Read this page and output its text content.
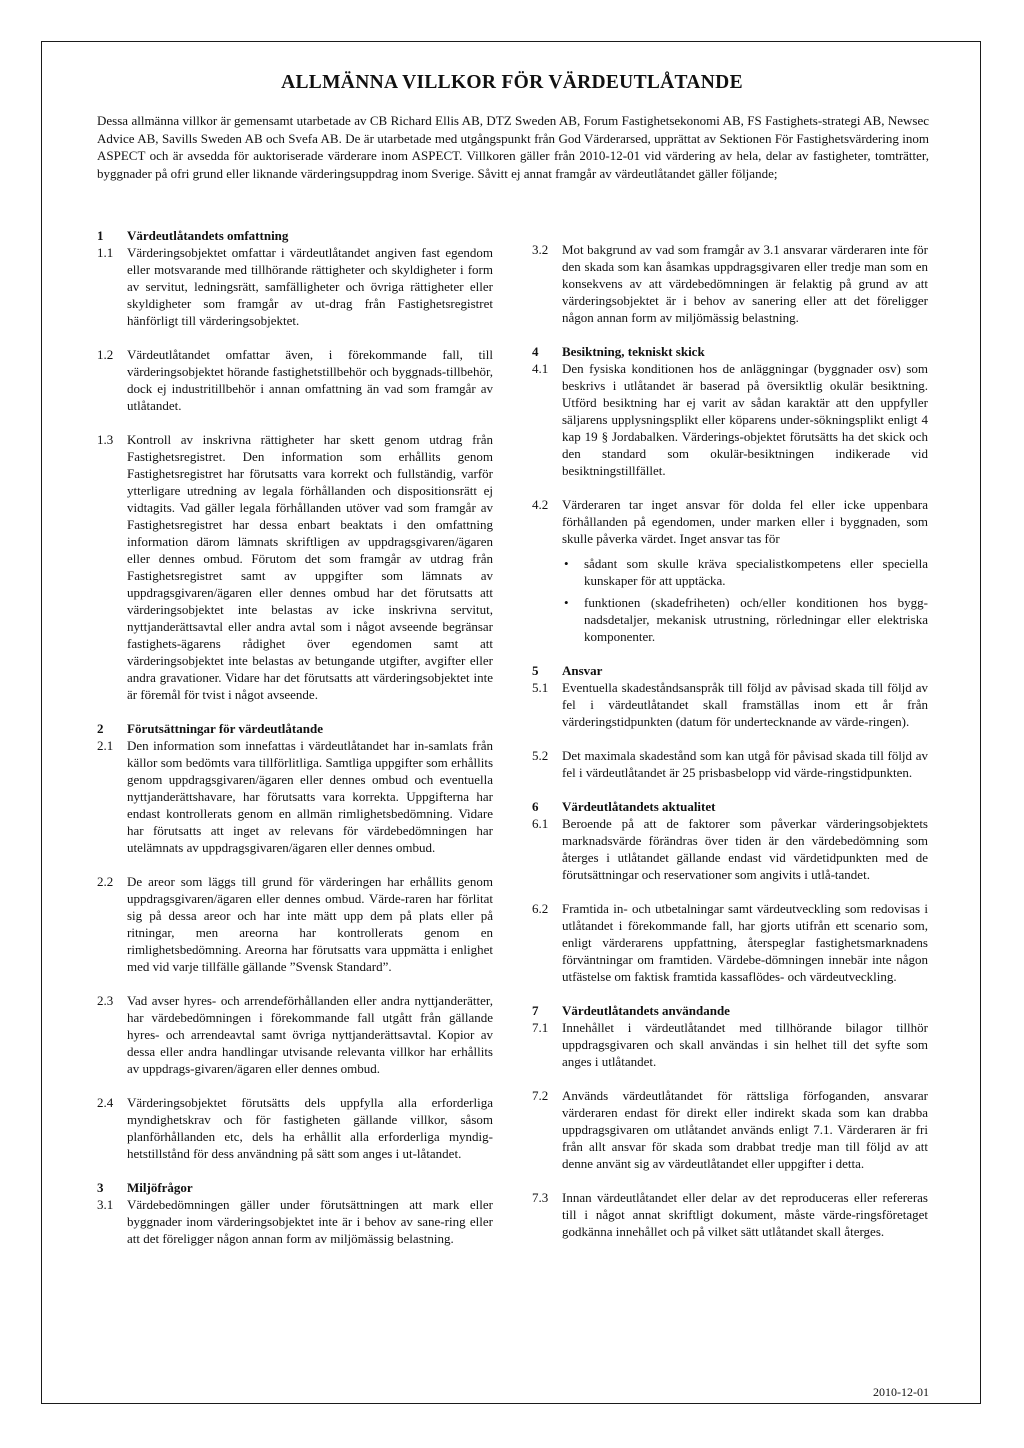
ALLMÄNNA VILLKOR FÖR VÄRDEUTLÅTANDE

Dessa allmänna villkor är gemensamt utarbetade av CB Richard Ellis AB, DTZ Sweden AB, Forum Fastighetsekonomi AB, FS Fastighets-strategi AB, Newsec Advice AB, Savills Sweden AB och Svefa AB. De är utarbetade med utgångspunkt från God Värderarsed, upprättat av Sektionen För Fastighetsvärdering inom ASPECT och är avsedda för auktoriserade värderare inom ASPECT. Villkoren gäller från 2010-12-01 vid värdering av hela, delar av fastigheter, tomträtter, byggnader på ofri grund eller liknande värderingsuppdrag inom Sverige. Såvitt ej annat framgår av värdeutlåtandet gäller följande;

1	Värdeutlåtandets omfattning
1.1	Värderingsobjektet omfattar i värdeutlåtandet angiven fast egendom eller motsvarande med tillhörande rättigheter och skyldigheter i form av servitut, ledningsrätt, samfälligheter och övriga rättigheter eller skyldigheter som framgår av ut-drag från Fastighetsregistret hänförligt till värderingsobjektet.
1.2	Värdeutlåtandet omfattar även, i förekommande fall, till värderingsobjektet hörande fastighetstillbehör och byggnads-tillbehör, dock ej industritillbehör i annan omfattning än vad som framgår av utlåtandet.
1.3	Kontroll av inskrivna rättigheter har skett genom utdrag från Fastighetsregistret. Den information som erhållits genom Fastighetsregistret har förutsatts vara korrekt och fullständig, varför ytterligare utredning av legala förhållanden och dispositionsrätt ej vidtagits. Vad gäller legala förhållanden utöver vad som framgår av Fastighetsregistret har dessa enbart beaktats i den omfattning information därom lämnats skriftligen av uppdragsgivaren/ägaren eller dennes ombud. Förutom det som framgår av utdrag från Fastighetsregistret samt av uppgifter som lämnats av uppdragsgivaren/ägaren eller dennes ombud har det förutsatts att värderingsobjektet inte belastas av icke inskrivna servitut, nyttjanderättsavtal eller andra avtal som i något avseende begränsar fastighets-ägarens rådighet över egendomen samt att värderingsobjektet inte belastas av betungande utgifter, avgifter eller andra gravationer. Vidare har det förutsatts att värderingsobjektet inte är föremål för tvist i något avseende.
2	Förutsättningar för värdeutlåtande
2.1	Den information som innefattas i värdeutlåtandet har in-samlats från källor som bedömts vara tillförlitliga. Samtliga uppgifter som erhållits genom uppdragsgivaren/ägaren eller dennes ombud och eventuella nyttjanderättshavare, har förutsatts vara korrekta. Uppgifterna har endast kontrollerats genom en allmän rimlighetsbedömning. Vidare har förutsatts att inget av relevans för värdebedömningen har utelämnats av uppdragsgivaren/ägaren eller dennes ombud.
2.2	De areor som läggs till grund för värderingen har erhållits genom uppdragsgivaren/ägaren eller dennes ombud. Värde-raren har förlitat sig på dessa areor och har inte mätt upp dem på plats eller på ritningar, men areorna har kontrollerats genom en rimlighetsbedömning. Areorna har förutsatts vara uppmätta i enlighet med vid varje tillfälle gällande ”Svensk Standard”.
2.3	Vad avser hyres- och arrendeförhållanden eller andra nyttjanderätter, har värdebedömningen i förekommande fall utgått från gällande hyres- och arrendeavtal samt övriga nyttjanderättsavtal. Kopior av dessa eller andra handlingar utvisande relevanta villkor har erhållits av uppdrags-givaren/ägaren eller dennes ombud.
2.4	Värderingsobjektet förutsätts dels uppfylla alla erforderliga myndighetskrav och för fastigheten gällande villkor, såsom planförhållanden etc, dels ha erhållit alla erforderliga myndig-hetstillstånd för dess användning på sätt som anges i ut-låtandet.
3	Miljöfrågor
3.1	Värdebedömningen gäller under förutsättningen att mark eller byggnader inom värderingsobjektet inte är i behov av sane-ring eller att det föreligger någon annan form av miljömässig belastning.
3.2	Mot bakgrund av vad som framgår av 3.1 ansvarar värderaren inte för den skada som kan åsamkas uppdragsgivaren eller tredje man som en konsekvens av att värdebedömningen är felaktig på grund av att värderingsobjektet är i behov av sanering eller att det föreligger någon annan form av miljömässig belastning.
4	Besiktning, tekniskt skick
4.1	Den fysiska konditionen hos de anläggningar (byggnader osv) som beskrivs i utlåtandet är baserad på översiktlig okulär besiktning. Utförd besiktning har ej varit av sådan karaktär att den uppfyller säljarens upplysningsplikt eller köparens under-sökningsplikt enligt 4 kap 19 § Jordabalken. Värderings-objektet förutsätts ha det skick och den standard som okulär-besiktningen indikerade vid besiktningstillfället.
4.2	Värderaren tar inget ansvar för dolda fel eller icke uppenbara förhållanden på egendomen, under marken eller i byggnaden, som skulle påverka värdet. Inget ansvar tas för
•	sådant som skulle kräva specialistkompetens eller speciella kunskaper för att upptäcka.
•	funktionen (skadefriheten) och/eller konditionen hos bygg-nadsdetaljer, mekanisk utrustning, rörledningar eller elektriska komponenter.
5	Ansvar
5.1	Eventuella skadeståndsanspråk till följd av påvisad skada till följd av fel i värdeutlåtandet skall framställas inom ett år från värderingstidpunkten (datum för undertecknande av värde-ringen).
5.2	Det maximala skadestånd som kan utgå för påvisad skada till följd av fel i värdeutlåtandet är 25 prisbasbelopp vid värde-ringstidpunkten.
6	Värdeutlåtandets aktualitet
6.1	Beroende på att de faktorer som påverkar värderingsobjektets marknadsvärde förändras över tiden är den värdebedömning som återges i utlåtandet gällande endast vid värdetidpunkten med de förutsättningar och reservationer som angivits i utlå-tandet.
6.2	Framtida in- och utbetalningar samt värdeutveckling som redovisas i utlåtandet i förekommande fall, har gjorts utifrån ett scenario som, enligt värderarens uppfattning, återspeglar fastighetsmarknadens förväntningar om framtiden. Värdebe-dömningen innebär inte någon utfästelse om faktisk framtida kassaflödes- och värdeutveckling.
7	Värdeutlåtandets användande
7.1	Innehållet i värdeutlåtandet med tillhörande bilagor tillhör uppdragsgivaren och skall användas i sin helhet till det syfte som anges i utlåtandet.
7.2	Används värdeutlåtandet för rättsliga förfoganden, ansvarar värderaren endast för direkt eller indirekt skada som kan drabba uppdragsgivaren om utlåtandet används enligt 7.1. Värderaren är fri från allt ansvar för skada som drabbat tredje man till följd av att denne använt sig av värdeutlåtandet eller uppgifter i detta.
7.3	Innan värdeutlåtandet eller delar av det reproduceras eller refereras till i något annat skriftligt dokument, måste värde-ringsföretaget godkänna innehållet och på vilket sätt utlåtandet skall återges.

2010-12-01
